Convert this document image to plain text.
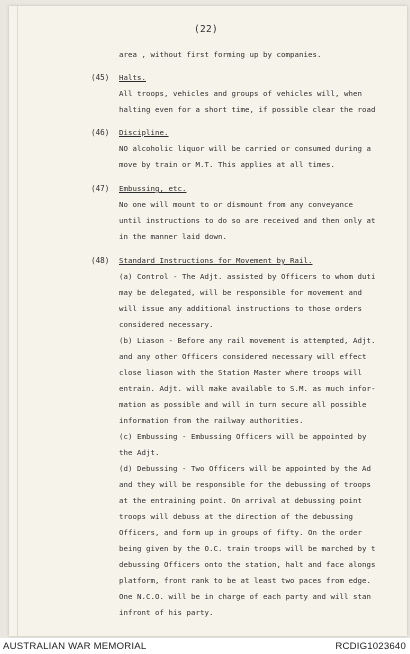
(22)
area , without first forming up by companies.
(45) Halts.
All troops, vehicles and groups of vehicles will, when
halting even for a short time, if possible clear the road
(46) Discipline.
NO alcoholic liquor will be carried or consumed during a
move by train or M.T. This applies at all times.
(47) Embussing, etc.
No one will mount to or dismount from any conveyance
until instructions to do so are received and then only at
in the manner laid down.
(48) Standard Instructions for Movement by Rail.
(a) Control - The Adjt. assisted by Officers to whom duti
may be delegated, will be responsible for movement and
will issue any additional instructions to those orders
considered necessary.
(b) Liason - Before any rail movement is attempted, Adjt.
and any other Officers considered necessary will effect
close liason with the Station Master where troops will
entrain. Adjt. will make available to S.M. as much infor-
mation as possible and will in turn secure all possible
information from the railway authorities.
(c) Embussing - Embussing Officers will be appointed by
the Adjt.
(d) Debussing - Two Officers will be appointed by the Ad
and they will be responsible for the debussing of troops
at the entraining point. On arrival at debussing point
troops will debuss at the direction of the debussing
Officers, and form up in groups of fifty. On the order
being given by the O.C. train troops will be marched by t
debussing Officers onto the station, halt and face alongs
platform, front rank to be at least two paces from edge.
One N.C.O. will be in charge of each party and will stan
infront of his party.
AUSTRALIAN WAR MEMORIAL	RCDIG1023640
